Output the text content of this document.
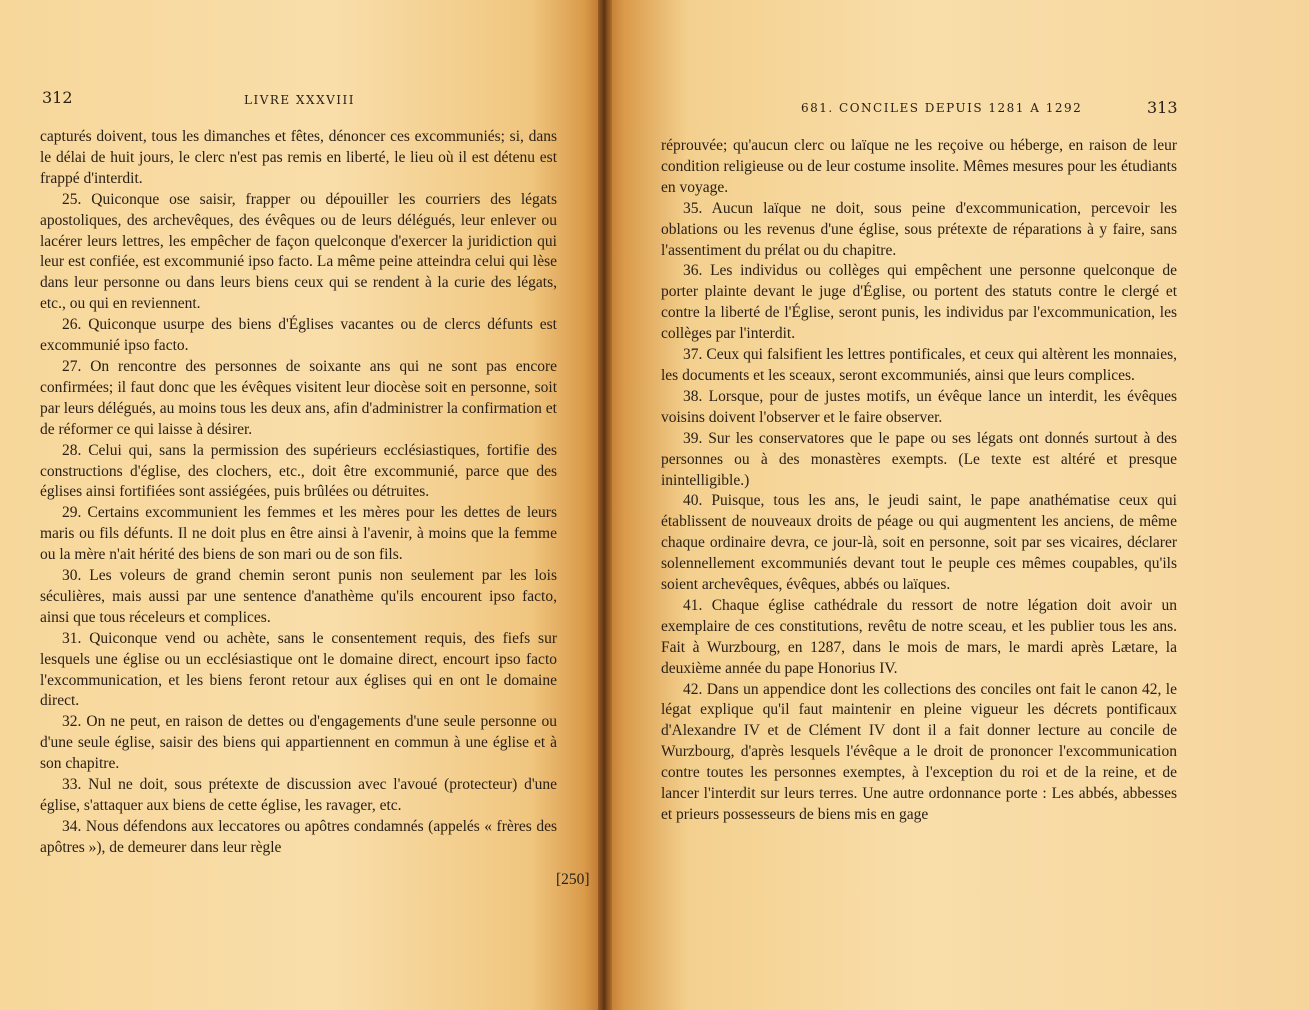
312	LIVRE XXXVIII

capturés doivent, tous les dimanches et fêtes, dénoncer ces excommuniés; si, dans le délai de huit jours, le clerc n'est pas remis en liberté, le lieu où il est détenu est frappé d'interdit.

25. Quiconque ose saisir, frapper ou dépouiller les courriers des légats apostoliques, des archevêques, des évêques ou de leurs délégués, leur enlever ou lacérer leurs lettres, les empêcher de façon quelconque d'exercer la juridiction qui leur est confiée, est excommunié ipso facto. La même peine atteindra celui qui lèse dans leur personne ou dans leurs biens ceux qui se rendent à la curie des légats, etc., ou qui en reviennent.

26. Quiconque usurpe des biens d'Églises vacantes ou de clercs défunts est excommunié ipso facto.

27. On rencontre des personnes de soixante ans qui ne sont pas encore confirmées; il faut donc que les évêques visitent leur diocèse soit en personne, soit par leurs délégués, au moins tous les deux ans, afin d'administrer la confirmation et de réformer ce qui laisse à désirer.

28. Celui qui, sans la permission des supérieurs ecclésiastiques, fortifie des constructions d'église, des clochers, etc., doit être excommunié, parce que des églises ainsi fortifiées sont assiégées, puis brûlées ou détruites.

29. Certains excommunient les femmes et les mères pour les dettes de leurs maris ou fils défunts. Il ne doit plus en être ainsi à l'avenir, à moins que la femme ou la mère n'ait hérité des biens de son mari ou de son fils.

30. Les voleurs de grand chemin seront punis non seulement par les lois séculières, mais aussi par une sentence d'anathème qu'ils encourent ipso facto, ainsi que tous réceleurs et complices.

31. Quiconque vend ou achète, sans le consentement requis, des fiefs sur lesquels une église ou un ecclésiastique ont le domaine direct, encourt ipso facto l'excommunication, et les biens feront retour aux églises qui en ont le domaine direct.

32. On ne peut, en raison de dettes ou d'engagements d'une seule personne ou d'une seule église, saisir des biens qui appartiennent en commun à une église et à son chapitre.

33. Nul ne doit, sous prétexte de discussion avec l'avoué (protecteur) d'une église, s'attaquer aux biens de cette église, les ravager, etc.

34. Nous défendons aux leccatores ou apôtres condamnés (appelés « frères des apôtres »), de demeurer dans leur règle

[250]
681. CONCILES DEPUIS 1281 A 1292	313

réprouvée; qu'aucun clerc ou laïque ne les reçoive ou héberge, en raison de leur condition religieuse ou de leur costume insolite. Mêmes mesures pour les étudiants en voyage.

35. Aucun laïque ne doit, sous peine d'excommunication, percevoir les oblations ou les revenus d'une église, sous prétexte de réparations à y faire, sans l'assentiment du prélat ou du chapitre.

36. Les individus ou collèges qui empêchent une personne quelconque de porter plainte devant le juge d'Église, ou portent des statuts contre le clergé et contre la liberté de l'Église, seront punis, les individus par l'excommunication, les collèges par l'interdit.

37. Ceux qui falsifient les lettres pontificales, et ceux qui altèrent les monnaies, les documents et les sceaux, seront excommuniés, ainsi que leurs complices.

38. Lorsque, pour de justes motifs, un évêque lance un interdit, les évêques voisins doivent l'observer et le faire observer.

39. Sur les conservatores que le pape ou ses légats ont donnés surtout à des personnes ou à des monastères exempts. (Le texte est altéré et presque inintelligible.)

40. Puisque, tous les ans, le jeudi saint, le pape anathématise ceux qui établissent de nouveaux droits de péage ou qui augmentent les anciens, de même chaque ordinaire devra, ce jour-là, soit en personne, soit par ses vicaires, déclarer solennellement excommuniés devant tout le peuple ces mêmes coupables, qu'ils soient archevêques, évêques, abbés ou laïques.

41. Chaque église cathédrale du ressort de notre légation doit avoir un exemplaire de ces constitutions, revêtu de notre sceau, et les publier tous les ans. Fait à Wurzbourg, en 1287, dans le mois de mars, le mardi après Lætare, la deuxième année du pape Honorius IV.

42. Dans un appendice dont les collections des conciles ont fait le canon 42, le légat explique qu'il faut maintenir en pleine vigueur les décrets pontificaux d'Alexandre IV et de Clément IV dont il a fait donner lecture au concile de Wurzbourg, d'après lesquels l'évêque a le droit de prononcer l'excommunication contre toutes les personnes exemptes, à l'exception du roi et de la reine, et de lancer l'interdit sur leurs terres. Une autre ordonnance porte : Les abbés, abbesses et prieurs possesseurs de biens mis en gage
